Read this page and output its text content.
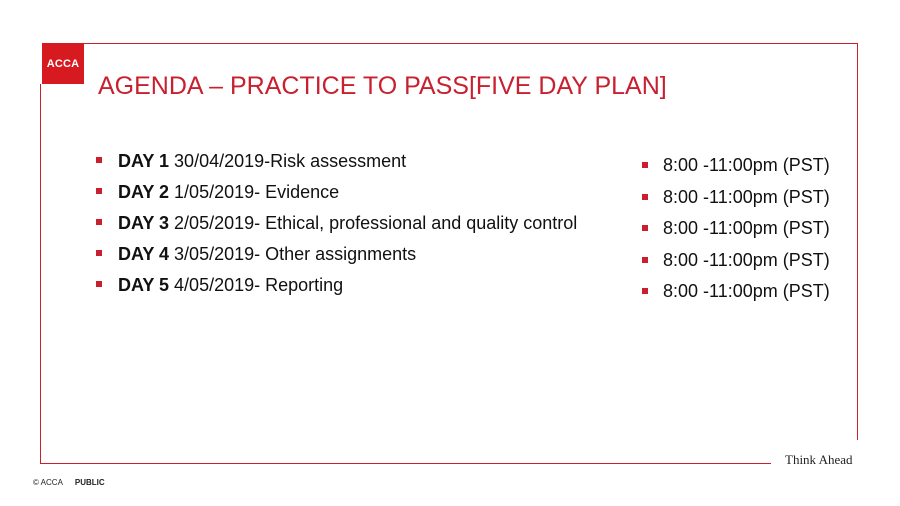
ACCA
AGENDA – PRACTICE TO PASS[FIVE DAY PLAN]
DAY 1 30/04/2019-Risk assessment
DAY 2 1/05/2019- Evidence
DAY 3 2/05/2019- Ethical, professional and quality control
DAY 4 3/05/2019- Other assignments
DAY 5 4/05/2019- Reporting
8:00 -11:00pm (PST)
8:00 -11:00pm (PST)
8:00 -11:00pm (PST)
8:00 -11:00pm (PST)
8:00 -11:00pm (PST)
Think Ahead
© ACCA PUBLIC
